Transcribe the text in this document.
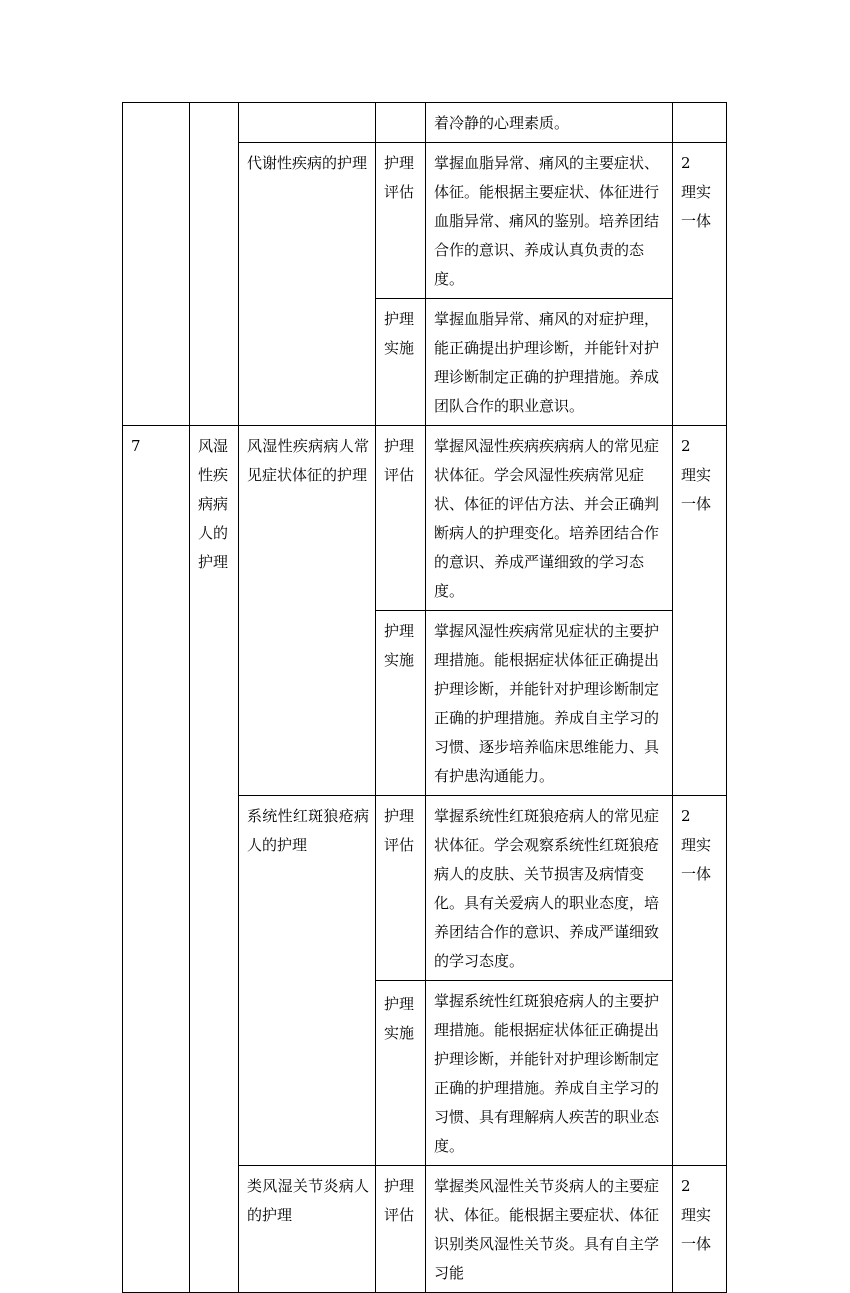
				着冷静的心理素质。	

		代谢性疾病的护理	护理评估	掌握血脂异常、痛风的主要症状、体征。能根据主要症状、体征进行血脂异常、痛风的鉴别。培养团结合作的意识、养成认真负责的态度。	2
理实一体

			护理实施	掌握血脂异常、痛风的对症护理，能正确提出护理诊断，并能针对护理诊断制定正确的护理措施。养成团队合作的职业意识。	
7	风湿性疾病病人的护理	风湿性疾病病人常见症状体征的护理	护理评估	掌握风湿性疾病疾病病人的常见症状体征。学会风湿性疾病常见症状、体征的评估方法、并会正确判断病人的护理变化。培养团结合作的意识、养成严谨细致的学习态度。	2
理实一体

			护理实施	掌握风湿性疾病常见症状的主要护理措施。能根据症状体征正确提出护理诊断，并能针对护理诊断制定正确的护理措施。养成自主学习的习惯、逐步培养临床思维能力、具有护患沟通能力。	
		系统性红斑狼疮病人的护理	护理评估	掌握系统性红斑狼疮病人的常见症状体征。学会观察系统性红斑狼疮病人的皮肤、关节损害及病情变化。具有关爱病人的职业态度，培养团结合作的意识、养成严谨细致的学习态度。	2
理实一体

			护理实施	掌握系统性红斑狼疮病人的主要护理措施。能根据症状体征正确提出护理诊断，并能针对护理诊断制定正确的护理措施。养成自主学习的习惯、具有理解病人疾苦的职业态度。	
		类风湿关节炎病人的护理	护理评估	掌握类风湿性关节炎病人的主要症状、体征。能根据主要症状、体征识别类风湿性关节炎。具有自主学习能	2
理实一体
